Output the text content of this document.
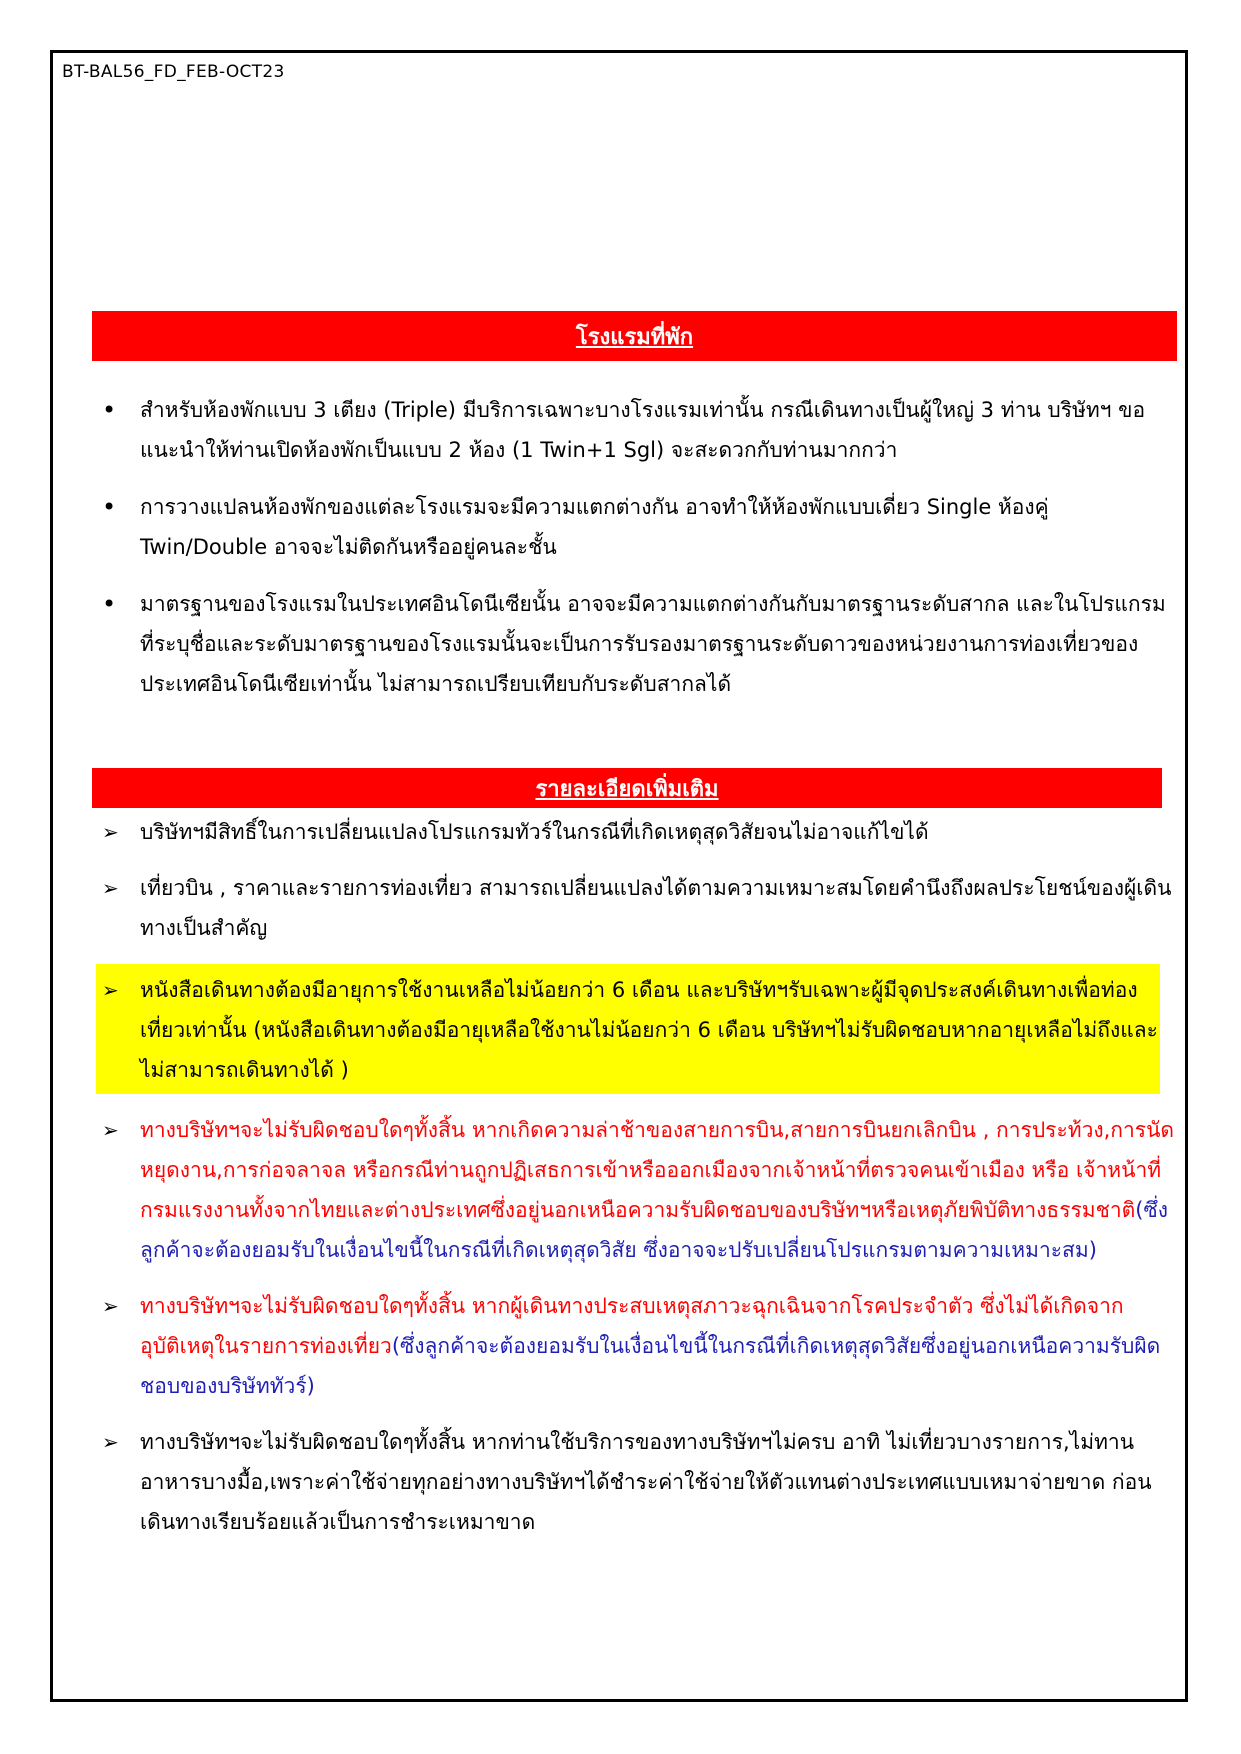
BT-BAL56_FD_FEB-OCT23
โรงแรมที่พัก
• สำหรับห้องพักแบบ 3 เตียง (Triple) มีบริการเฉพาะบางโรงแรมเท่านั้น กรณีเดินทางเป็นผู้ใหญ่ 3 ท่าน บริษัทฯ ขอแนะนำให้ท่านเปิดห้องพักเป็นแบบ 2 ห้อง (1 Twin+1 Sgl) จะสะดวกกับท่านมากกว่า
• การวางแปลนห้องพักของแต่ละโรงแรมจะมีความแตกต่างกัน อาจทำให้ห้องพักแบบเดี่ยว Single ห้องคู่ Twin/Double อาจจะไม่ติดกันหรืออยู่คนละชั้น
• มาตรฐานของโรงแรมในประเทศอินโดนีเซียนั้น อาจจะมีความแตกต่างกันกับมาตรฐานระดับสากล และในโปรแกรมที่ระบุชื่อและระดับมาตรฐานของโรงแรมนั้นจะเป็นการรับรองมาตรฐานระดับดาวของหน่วยงานการท่องเที่ยวของประเทศอินโดนีเซียเท่านั้น ไม่สามารถเปรียบเทียบกับระดับสากลได้
รายละเอียดเพิ่มเติม
➢ บริษัทฯมีสิทธิ์ในการเปลี่ยนแปลงโปรแกรมทัวร์ในกรณีที่เกิดเหตุสุดวิสัยจนไม่อาจแก้ไขได้
➢ เที่ยวบิน , ราคาและรายการท่องเที่ยว สามารถเปลี่ยนแปลงได้ตามความเหมาะสมโดยคำนึงถึงผลประโยชน์ของผู้เดินทางเป็นสำคัญ
➢ หนังสือเดินทางต้องมีอายุการใช้งานเหลือไม่น้อยกว่า 6 เดือน และบริษัทฯรับเฉพาะผู้มีจุดประสงค์เดินทางเพื่อท่องเที่ยวเท่านั้น (หนังสือเดินทางต้องมีอายุเหลือใช้งานไม่น้อยกว่า 6 เดือน บริษัทฯไม่รับผิดชอบหากอายุเหลือไม่ถึงและไม่สามารถเดินทางได้ )
➢ ทางบริษัทฯจะไม่รับผิดชอบใดๆทั้งสิ้น หากเกิดความล่าช้าของสายการบิน,สายการบินยกเลิกบิน , การประท้วง,การนัดหยุดงาน,การก่อจลาจล หรือกรณีท่านถูกปฏิเสธการเข้าหรือออกเมืองจากเจ้าหน้าที่ตรวจคนเข้าเมือง หรือ เจ้าหน้าที่กรมแรงงานทั้งจากไทยและต่างประเทศซึ่งอยู่นอกเหนือความรับผิดชอบของบริษัทฯหรือเหตุภัยพิบัติทางธรรมชาติ(ซึ่งลูกค้าจะต้องยอมรับในเงื่อนไขนี้ในกรณีที่เกิดเหตุสุดวิสัย ซึ่งอาจจะปรับเปลี่ยนโปรแกรมตามความเหมาะสม)
➢ ทางบริษัทฯจะไม่รับผิดชอบใดๆทั้งสิ้น หากผู้เดินทางประสบเหตุสภาวะฉุกเฉินจากโรคประจำตัว ซึ่งไม่ได้เกิดจากอุบัติเหตุในรายการท่องเที่ยว(ซึ่งลูกค้าจะต้องยอมรับในเงื่อนไขนี้ในกรณีที่เกิดเหตุสุดวิสัยซึ่งอยู่นอกเหนือความรับผิดชอบของบริษัททัวร์)
➢ ทางบริษัทฯจะไม่รับผิดชอบใดๆทั้งสิ้น หากท่านใช้บริการของทางบริษัทฯไม่ครบ อาทิ ไม่เที่ยวบางรายการ,ไม่ทานอาหารบางมื้อ,เพราะค่าใช้จ่ายทุกอย่างทางบริษัทฯได้ชำระค่าใช้จ่ายให้ตัวแทนต่างประเทศแบบเหมาจ่ายขาด ก่อนเดินทางเรียบร้อยแล้วเป็นการชำระเหมาขาด
